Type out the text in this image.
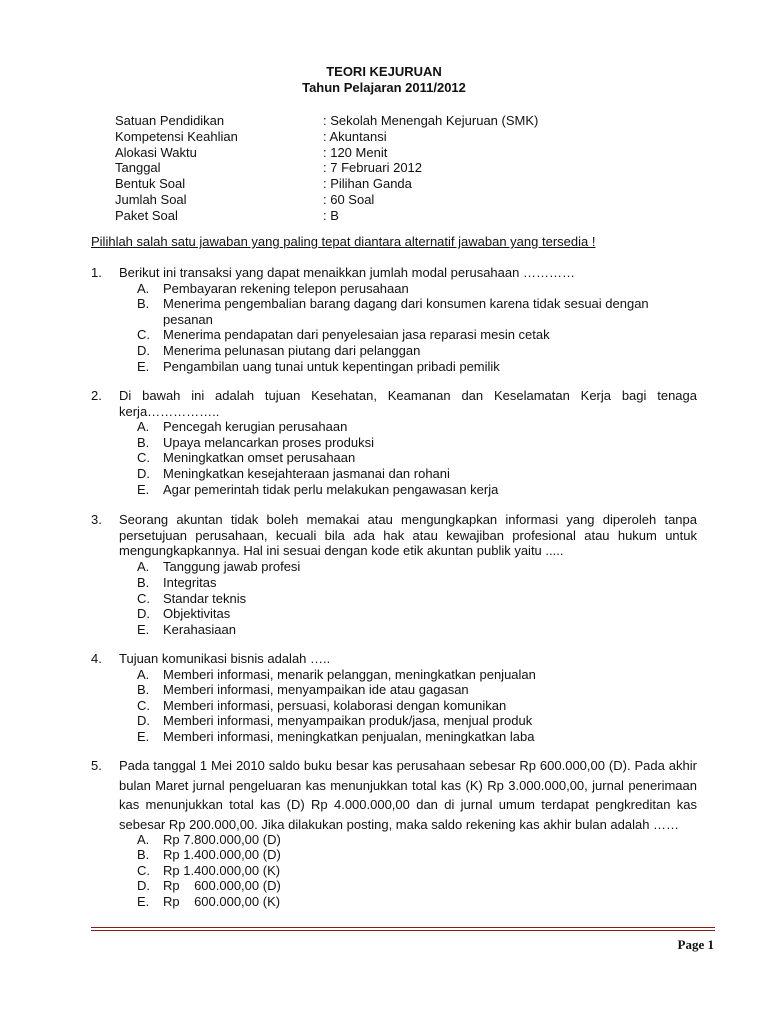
TEORI KEJURUAN
Tahun Pelajaran 2011/2012
Satuan Pendidikan	: Sekolah Menengah Kejuruan (SMK)
Kompetensi Keahlian	: Akuntansi
Alokasi Waktu	: 120 Menit
Tanggal	: 7 Februari 2012
Bentuk Soal	: Pilihan Ganda
Jumlah Soal	: 60 Soal
Paket Soal	: B
Pilihlah salah satu jawaban yang paling tepat diantara alternatif jawaban yang tersedia !
1.	Berikut ini transaksi yang dapat menaikkan jumlah modal perusahaan …………
A.	Pembayaran rekening telepon perusahaan
B.	Menerima pengembalian barang dagang dari konsumen karena tidak sesuai dengan pesanan
C.	Menerima pendapatan dari penyelesaian jasa reparasi mesin cetak
D.	Menerima pelunasan piutang dari pelanggan
E.	Pengambilan uang tunai untuk kepentingan pribadi pemilik
2.	Di bawah ini adalah tujuan Kesehatan, Keamanan dan Keselamatan Kerja bagi tenaga kerja……………..
A.	Pencegah kerugian perusahaan
B.	Upaya melancarkan proses produksi
C.	Meningkatkan omset perusahaan
D.	Meningkatkan kesejahteraan jasmanai dan rohani
E.	Agar pemerintah tidak perlu melakukan pengawasan kerja
3.	Seorang akuntan tidak boleh memakai atau mengungkapkan informasi yang diperoleh tanpa persetujuan perusahaan, kecuali bila ada hak atau kewajiban profesional atau hukum untuk mengungkapkannya. Hal ini sesuai dengan kode etik akuntan publik yaitu .....
A.	Tanggung jawab profesi
B.	Integritas
C.	Standar teknis
D.	Objektivitas
E.	Kerahasiaan
4.	Tujuan komunikasi bisnis adalah …..
A.	Memberi informasi, menarik pelanggan, meningkatkan penjualan
B.	Memberi informasi, menyampaikan ide atau gagasan
C.	Memberi informasi, persuasi, kolaborasi dengan komunikan
D.	Memberi informasi, menyampaikan produk/jasa, menjual produk
E.	Memberi informasi, meningkatkan penjualan, meningkatkan laba
5.	Pada tanggal 1 Mei 2010 saldo buku besar kas perusahaan sebesar Rp 600.000,00 (D). Pada akhir bulan Maret jurnal pengeluaran kas menunjukkan total kas (K) Rp 3.000.000,00, jurnal penerimaan kas menunjukkan total kas (D) Rp 4.000.000,00 dan di jurnal umum terdapat pengkreditan kas sebesar Rp 200.000,00. Jika dilakukan posting, maka saldo rekening kas akhir bulan adalah ……
A.	Rp 7.800.000,00 (D)
B.	Rp 1.400.000,00 (D)
C.	Rp 1.400.000,00 (K)
D.	Rp    600.000,00 (D)
E.	Rp    600.000,00 (K)
Page 1
